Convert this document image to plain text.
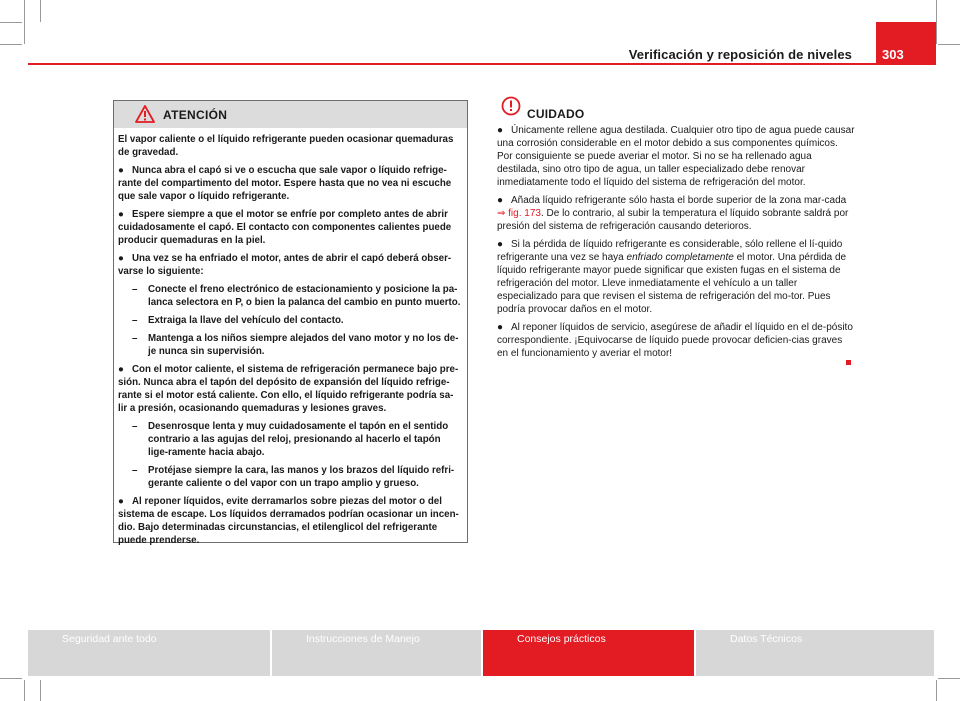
Verificación y reposición de niveles	303
ATENCIÓN

El vapor caliente o el líquido refrigerante pueden ocasionar quemaduras de gravedad.

● Nunca abra el capó si ve o escucha que sale vapor o líquido refrige-rante del compartimento del motor. Espere hasta que no vea ni escuche que sale vapor o líquido refrigerante.

● Espere siempre a que el motor se enfríe por completo antes de abrir cuidadosamente el capó. El contacto con componentes calientes puede producir quemaduras en la piel.

● Una vez se ha enfriado el motor, antes de abrir el capó deberá obser-varse lo siguiente:

– Conecte el freno electrónico de estacionamiento y posicione la pa-lanca selectora en P, o bien la palanca del cambio en punto muerto.

– Extraiga la llave del vehículo del contacto.

– Mantenga a los niños siempre alejados del vano motor y no los de-je nunca sin supervisión.

● Con el motor caliente, el sistema de refrigeración permanece bajo pre-sión. Nunca abra el tapón del depósito de expansión del líquido refrige-rante si el motor está caliente. Con ello, el líquido refrigerante podría sa-lir a presión, ocasionando quemaduras y lesiones graves.

– Desenrosque lenta y muy cuidadosamente el tapón en el sentido contrario a las agujas del reloj, presionando al hacerlo el tapón lige-ramente hacia abajo.

– Protéjase siempre la cara, las manos y los brazos del líquido refri-gerante caliente o del vapor con un trapo amplio y grueso.

● Al reponer líquidos, evite derramarlos sobre piezas del motor o del sistema de escape. Los líquidos derramados podrían ocasionar un incen-dio. Bajo determinadas circunstancias, el etilenglicol del refrigerante puede prenderse.

CUIDADO

● Únicamente rellene agua destilada. Cualquier otro tipo de agua puede causar una corrosión considerable en el motor debido a sus componentes químicos. Por consiguiente se puede averiar el motor. Si no se ha rellenado agua destilada, sino otro tipo de agua, un taller especializado debe renovar inmediatamente todo el líquido del sistema de refrigeración del motor.

● Añada líquido refrigerante sólo hasta el borde superior de la zona mar-cada ⇒ fig. 173. De lo contrario, al subir la temperatura el líquido sobrante saldrá por presión del sistema de refrigeración causando deterioros.

● Si la pérdida de líquido refrigerante es considerable, sólo rellene el lí-quido refrigerante una vez se haya enfriado completamente el motor. Una pérdida de líquido refrigerante mayor puede significar que existen fugas en el sistema de refrigeración del motor. Lleve inmediatamente el vehículo a un taller especializado para que revisen el sistema de refrigeración del mo-tor. Pues podría provocar daños en el motor.

● Al reponer líquidos de servicio, asegúrese de añadir el líquido en el de-pósito correspondiente. ¡Equivocarse de líquido puede provocar deficien-cias graves en el funcionamiento y averiar el motor!

Seguridad ante todo	Instrucciones de Manejo	Consejos prácticos	Datos Técnicos
